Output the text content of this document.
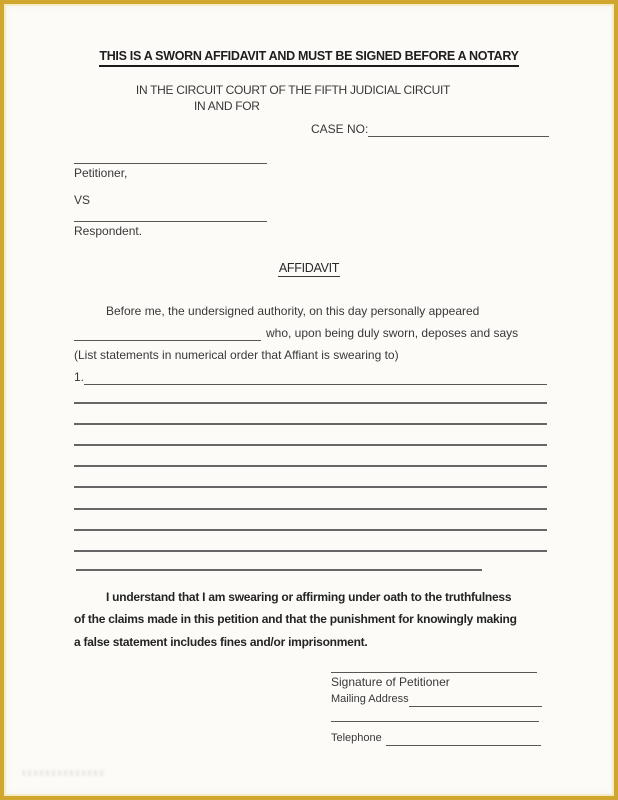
THIS IS A SWORN AFFIDAVIT AND MUST BE SIGNED BEFORE A NOTARY
IN THE CIRCUIT COURT OF THE FIFTH JUDICIAL CIRCUIT
IN AND FOR
CASE NO:
Petitioner,
VS
Respondent.
AFFIDAVIT
Before me, the undersigned authority, on this day personally appeared
who, upon being duly sworn, deposes and says
(List statements in numerical order that Affiant is swearing to)
1.
I understand that I am swearing or affirming under oath to the truthfulness
of the claims made in this petition and that the punishment for knowingly making
a false statement includes fines and/or imprisonment.
Signature of Petitioner
Mailing Address
Telephone
